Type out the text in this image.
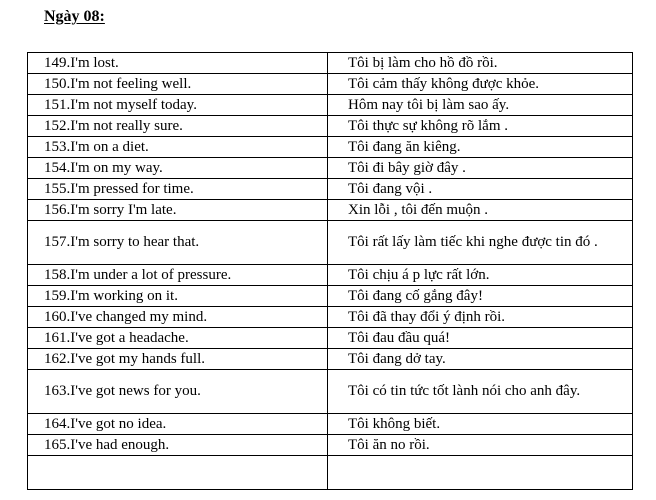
Ngày 08:
149.I'm lost.	Tôi bị làm cho hồ đồ rồi.

150.I'm not feeling well.	Tôi cảm thấy không được khỏe.

151.I'm not myself today.	Hôm nay tôi bị làm sao ấy.

152.I'm not really sure.	Tôi thực sự không rõ lắm .

153.I'm on a diet.	Tôi đang ăn kiêng.

154.I'm on my way.	Tôi đi bây giờ đây .

155.I'm pressed for time.	Tôi đang vội .

156.I'm sorry I'm late.	Xin lỗi , tôi đến muộn .

157.I'm sorry to hear that.	Tôi rất lấy làm tiếc khi nghe được tin đó .

158.I'm under a lot of pressure.	Tôi chịu á p lực rất lớn.

159.I'm working on it.	Tôi đang cố gắng đây!

160.I've changed my mind.	Tôi đã thay đổi ý định rồi.

161.I've got a headache.	Tôi đau đầu quá!

162.I've got my hands full.	Tôi đang dở tay.

163.I've got news for you.	Tôi có tin tức tốt lành nói cho anh đây.

164.I've got no idea.	Tôi không biết.

165.I've had enough.	Tôi ăn no rồi.
